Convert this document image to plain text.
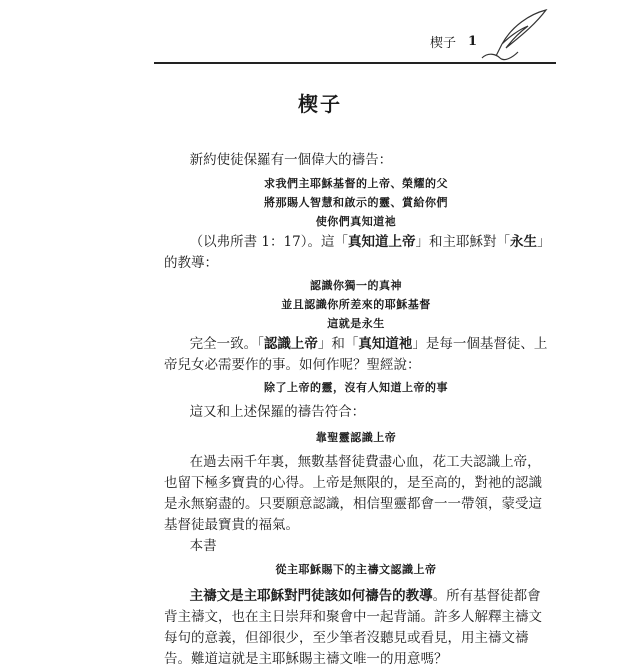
楔子 1
楔子
新約使徒保羅有一個偉大的禱告：
求我們主耶穌基督的上帝、榮耀的父
將那賜人智慧和啟示的靈、賞給你們
使你們真知道祂
（以弗所書 1：17）。這「真知道上帝」和主耶穌對「永生」的教導：
認識你獨一的真神
並且認識你所差來的耶穌基督
這就是永生
完全一致。「認識上帝」和「真知道祂」是每一個基督徒、上帝兒女必需要作的事。如何作呢？聖經說：
除了上帝的靈，沒有人知道上帝的事
這又和上述保羅的禱告符合：
靠聖靈認識上帝
在過去兩千年裏，無數基督徒費盡心血，花工夫認識上帝，也留下極多寶貴的心得。上帝是無限的，是至高的，對祂的認識是永無窮盡的。只要願意認識，相信聖靈都會一一帶領，蒙受這基督徒最寶貴的福氣。
本書
從主耶穌賜下的主禱文認識上帝
主禱文是主耶穌對門徒該如何禱告的教導。所有基督徒都會背主禱文，也在主日崇拜和聚會中一起背誦。許多人解釋主禱文每句的意義，但卻很少，至少筆者沒聽見或看見，用主禱文禱告。難道這就是主耶穌賜主禱文唯一的用意嗎？
